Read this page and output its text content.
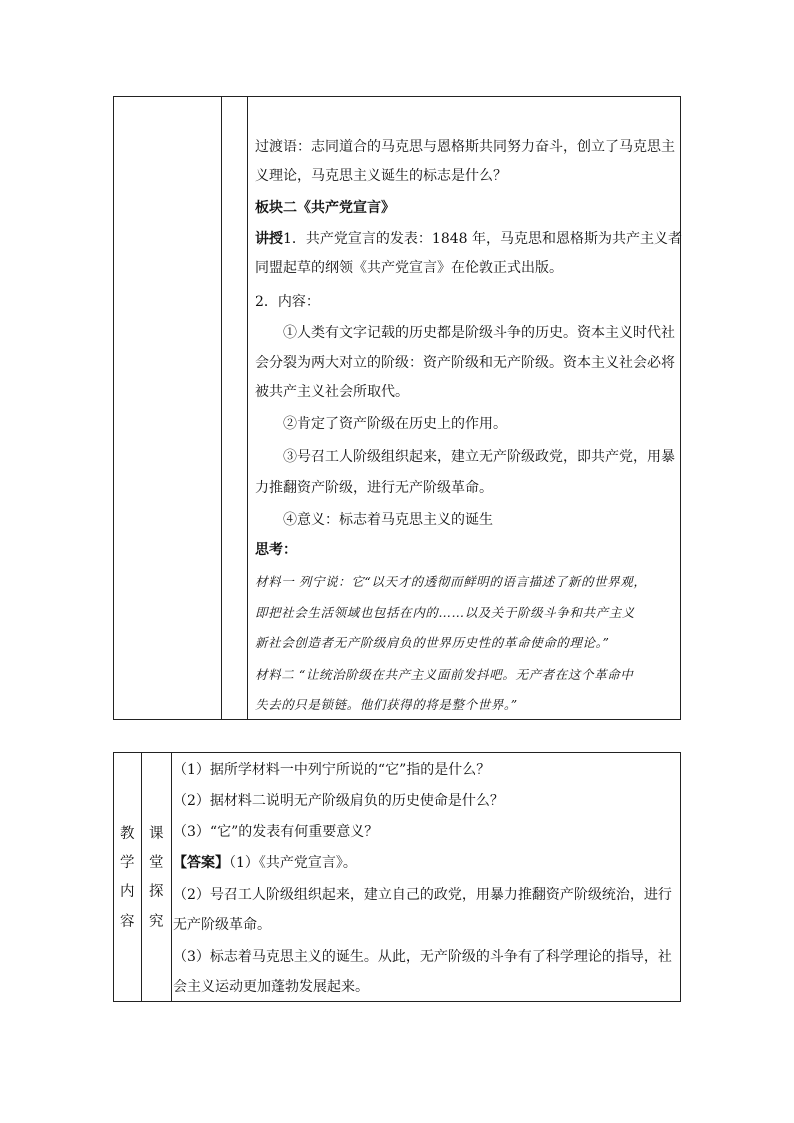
过渡语：志同道合的马克思与恩格斯共同努力奋斗，创立了马克思主
义理论，马克思主义诞生的标志是什么？
板块二《共产党宣言》
讲授1．共产党宣言的发表：1848 年，马克思和恩格斯为共产主义者
同盟起草的纲领《共产党宣言》在伦敦正式出版。
2．内容：
①人类有文字记载的历史都是阶级斗争的历史。资本主义时代社
会分裂为两大对立的阶级：资产阶级和无产阶级。资本主义社会必将
被共产主义社会所取代。
②肯定了资产阶级在历史上的作用。
③号召工人阶级组织起来，建立无产阶级政党，即共产党，用暴
力推翻资产阶级，进行无产阶级革命。
④意义：标志着马克思主义的诞生
思考：
材料一 列宁说：它“以天才的透彻而鲜明的语言描述了新的世界观，
即把社会生活领域也包括在内的……以及关于阶级斗争和共产主义
新社会创造者无产阶级肩负的世界历史性的革命使命的理论。”
材料二 “让统治阶级在共产主义面前发抖吧。无产者在这个革命中
失去的只是锁链。他们获得的将是整个世界。”
教
学
内
容
课
堂
探
究
（1）据所学材料一中列宁所说的“它”指的是什么？
（2）据材料二说明无产阶级肩负的历史使命是什么？
（3）“它”的发表有何重要意义？
【答案】（1）《共产党宣言》。
（2）号召工人阶级组织起来，建立自己的政党，用暴力推翻资产阶级统治，进行
无产阶级革命。
（3）标志着马克思主义的诞生。从此，无产阶级的斗争有了科学理论的指导，社
会主义运动更加蓬勃发展起来。
